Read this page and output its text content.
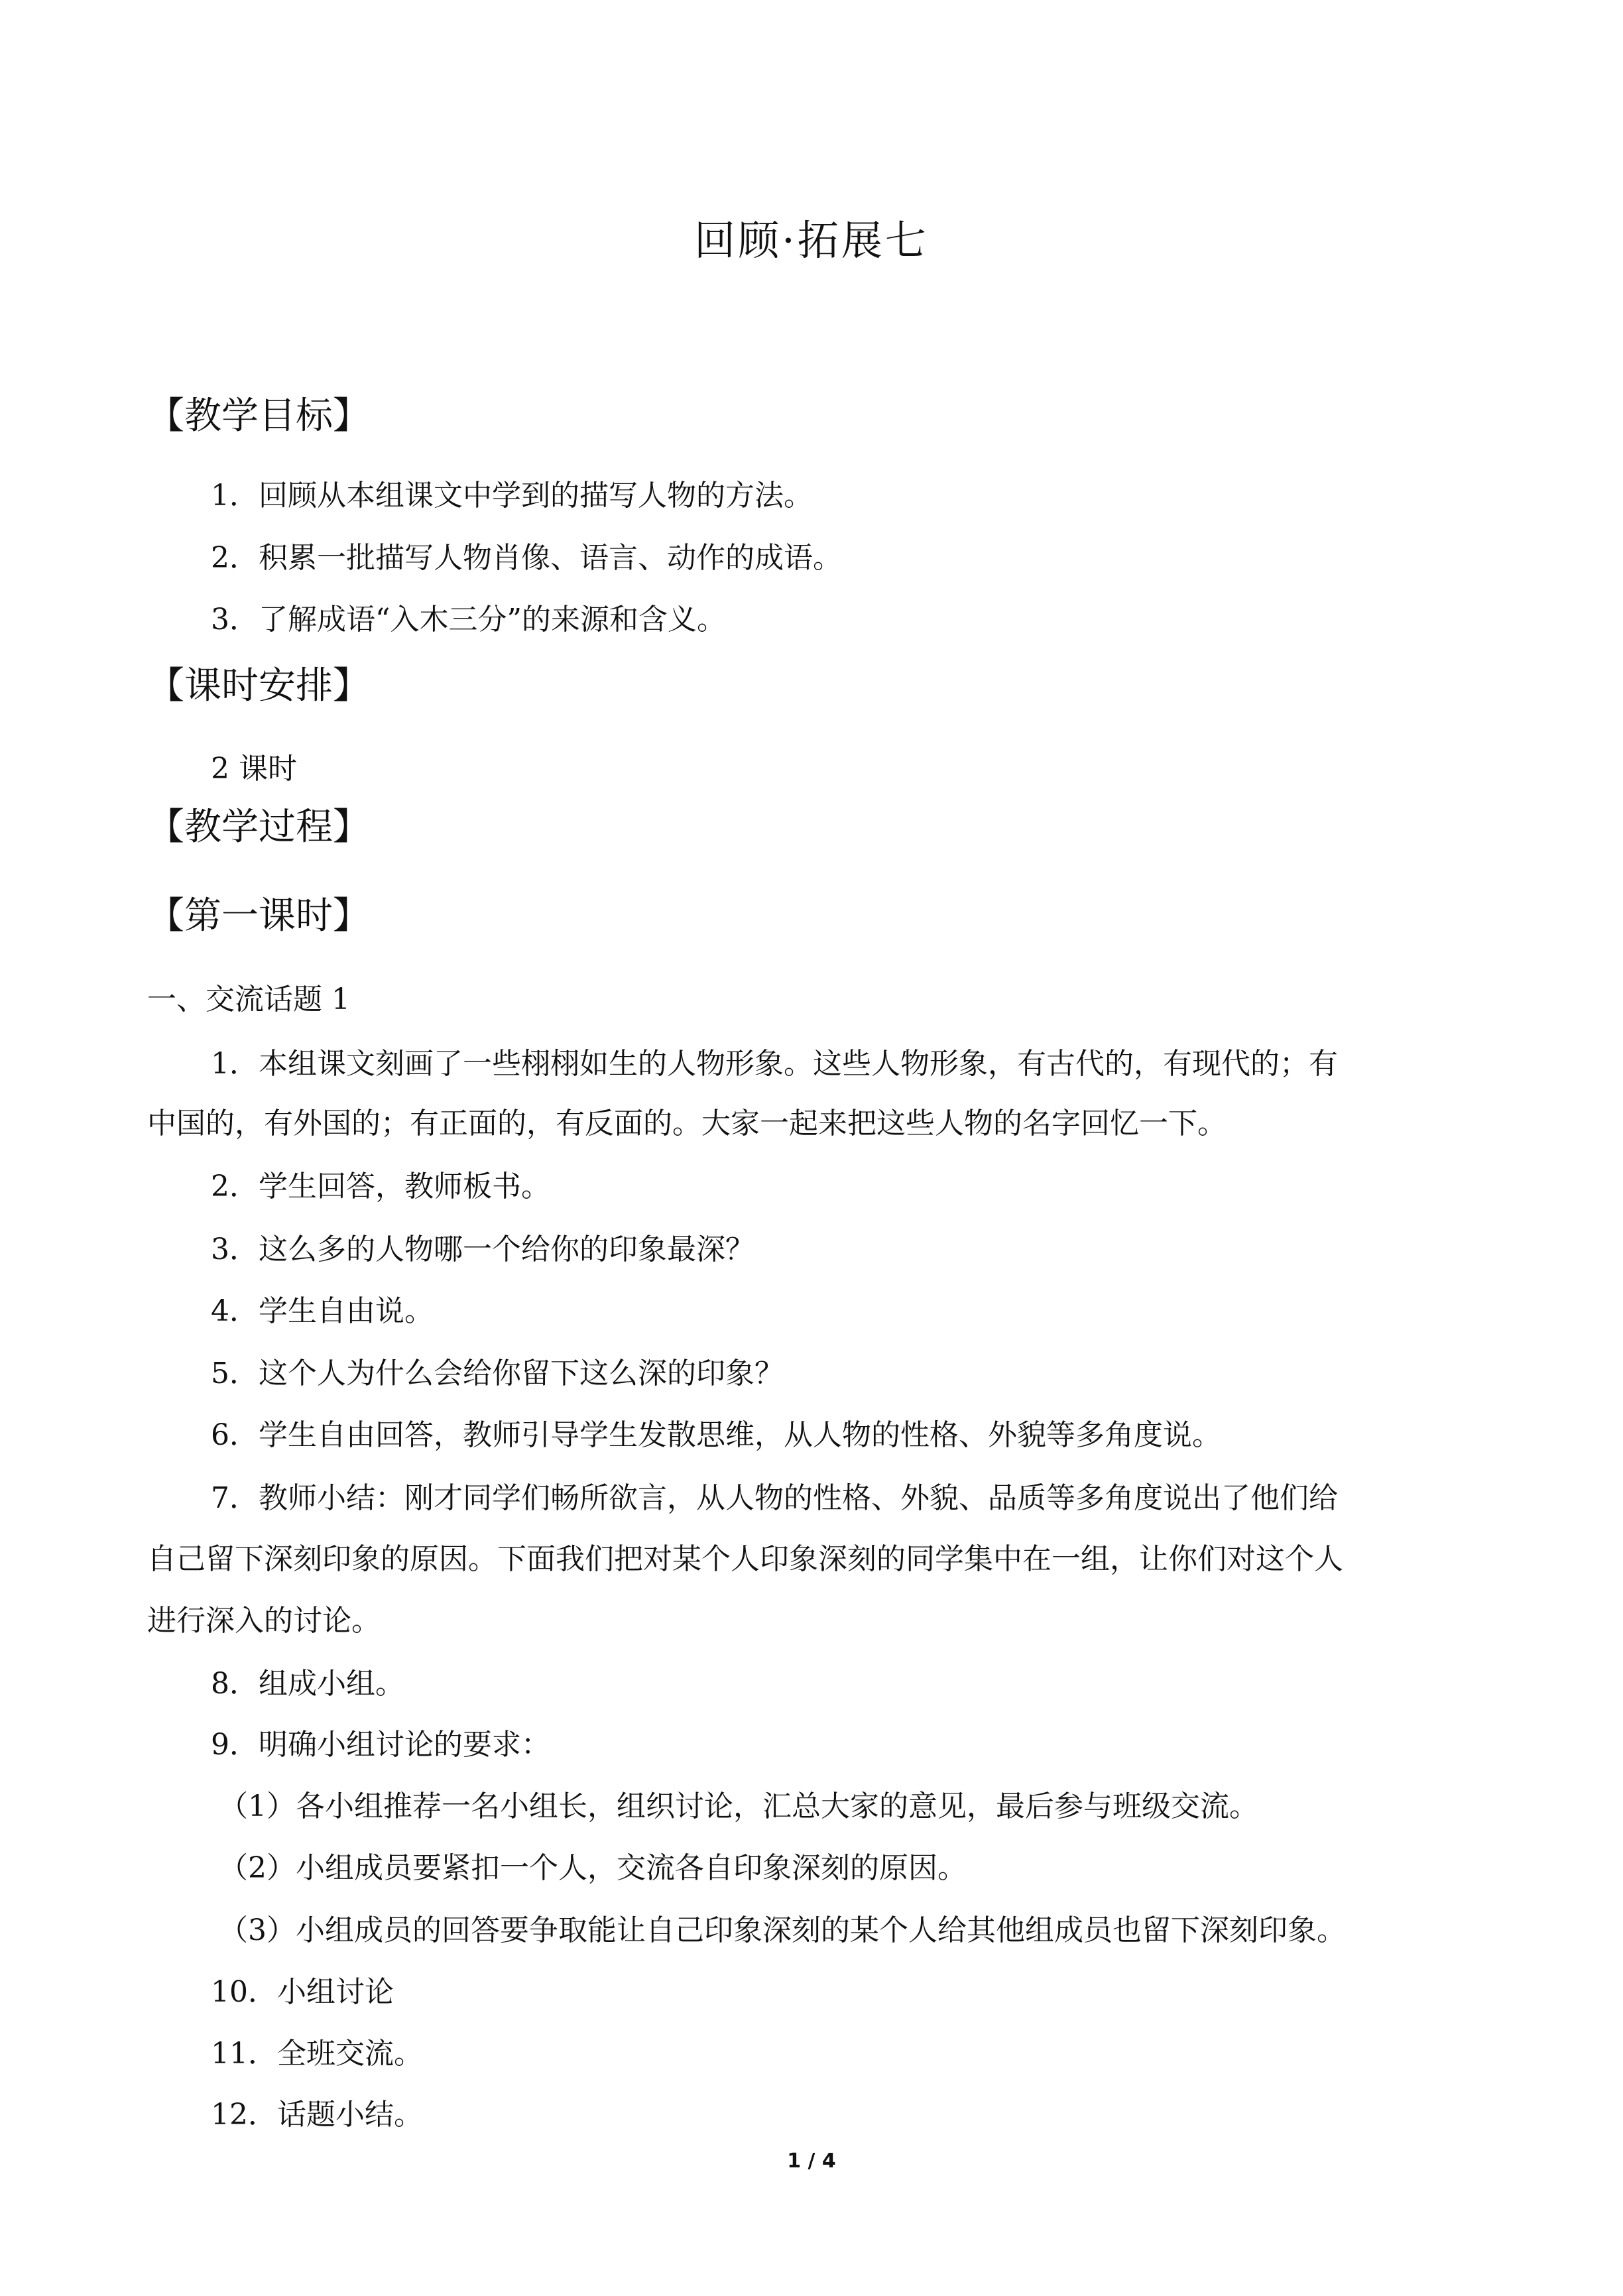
回顾·拓展七
【教学目标】
1．回顾从本组课文中学到的描写人物的方法。
2．积累一批描写人物肖像、语言、动作的成语。
3．了解成语“入木三分”的来源和含义。
【课时安排】
2 课时
【教学过程】
【第一课时】
一、交流话题 1
1．本组课文刻画了一些栩栩如生的人物形象。这些人物形象，有古代的，有现代的；有
中国的，有外国的；有正面的，有反面的。大家一起来把这些人物的名字回忆一下。
2．学生回答，教师板书。
3．这么多的人物哪一个给你的印象最深？
4．学生自由说。
5．这个人为什么会给你留下这么深的印象？
6．学生自由回答，教师引导学生发散思维，从人物的性格、外貌等多角度说。
7．教师小结：刚才同学们畅所欲言，从人物的性格、外貌、品质等多角度说出了他们给
自己留下深刻印象的原因。下面我们把对某个人印象深刻的同学集中在一组，让你们对这个人
进行深入的讨论。
8．组成小组。
9．明确小组讨论的要求：
（1）各小组推荐一名小组长，组织讨论，汇总大家的意见，最后参与班级交流。
（2）小组成员要紧扣一个人，交流各自印象深刻的原因。
（3）小组成员的回答要争取能让自己印象深刻的某个人给其他组成员也留下深刻印象。
10．小组讨论
11．全班交流。
12．话题小结。
1 / 4
